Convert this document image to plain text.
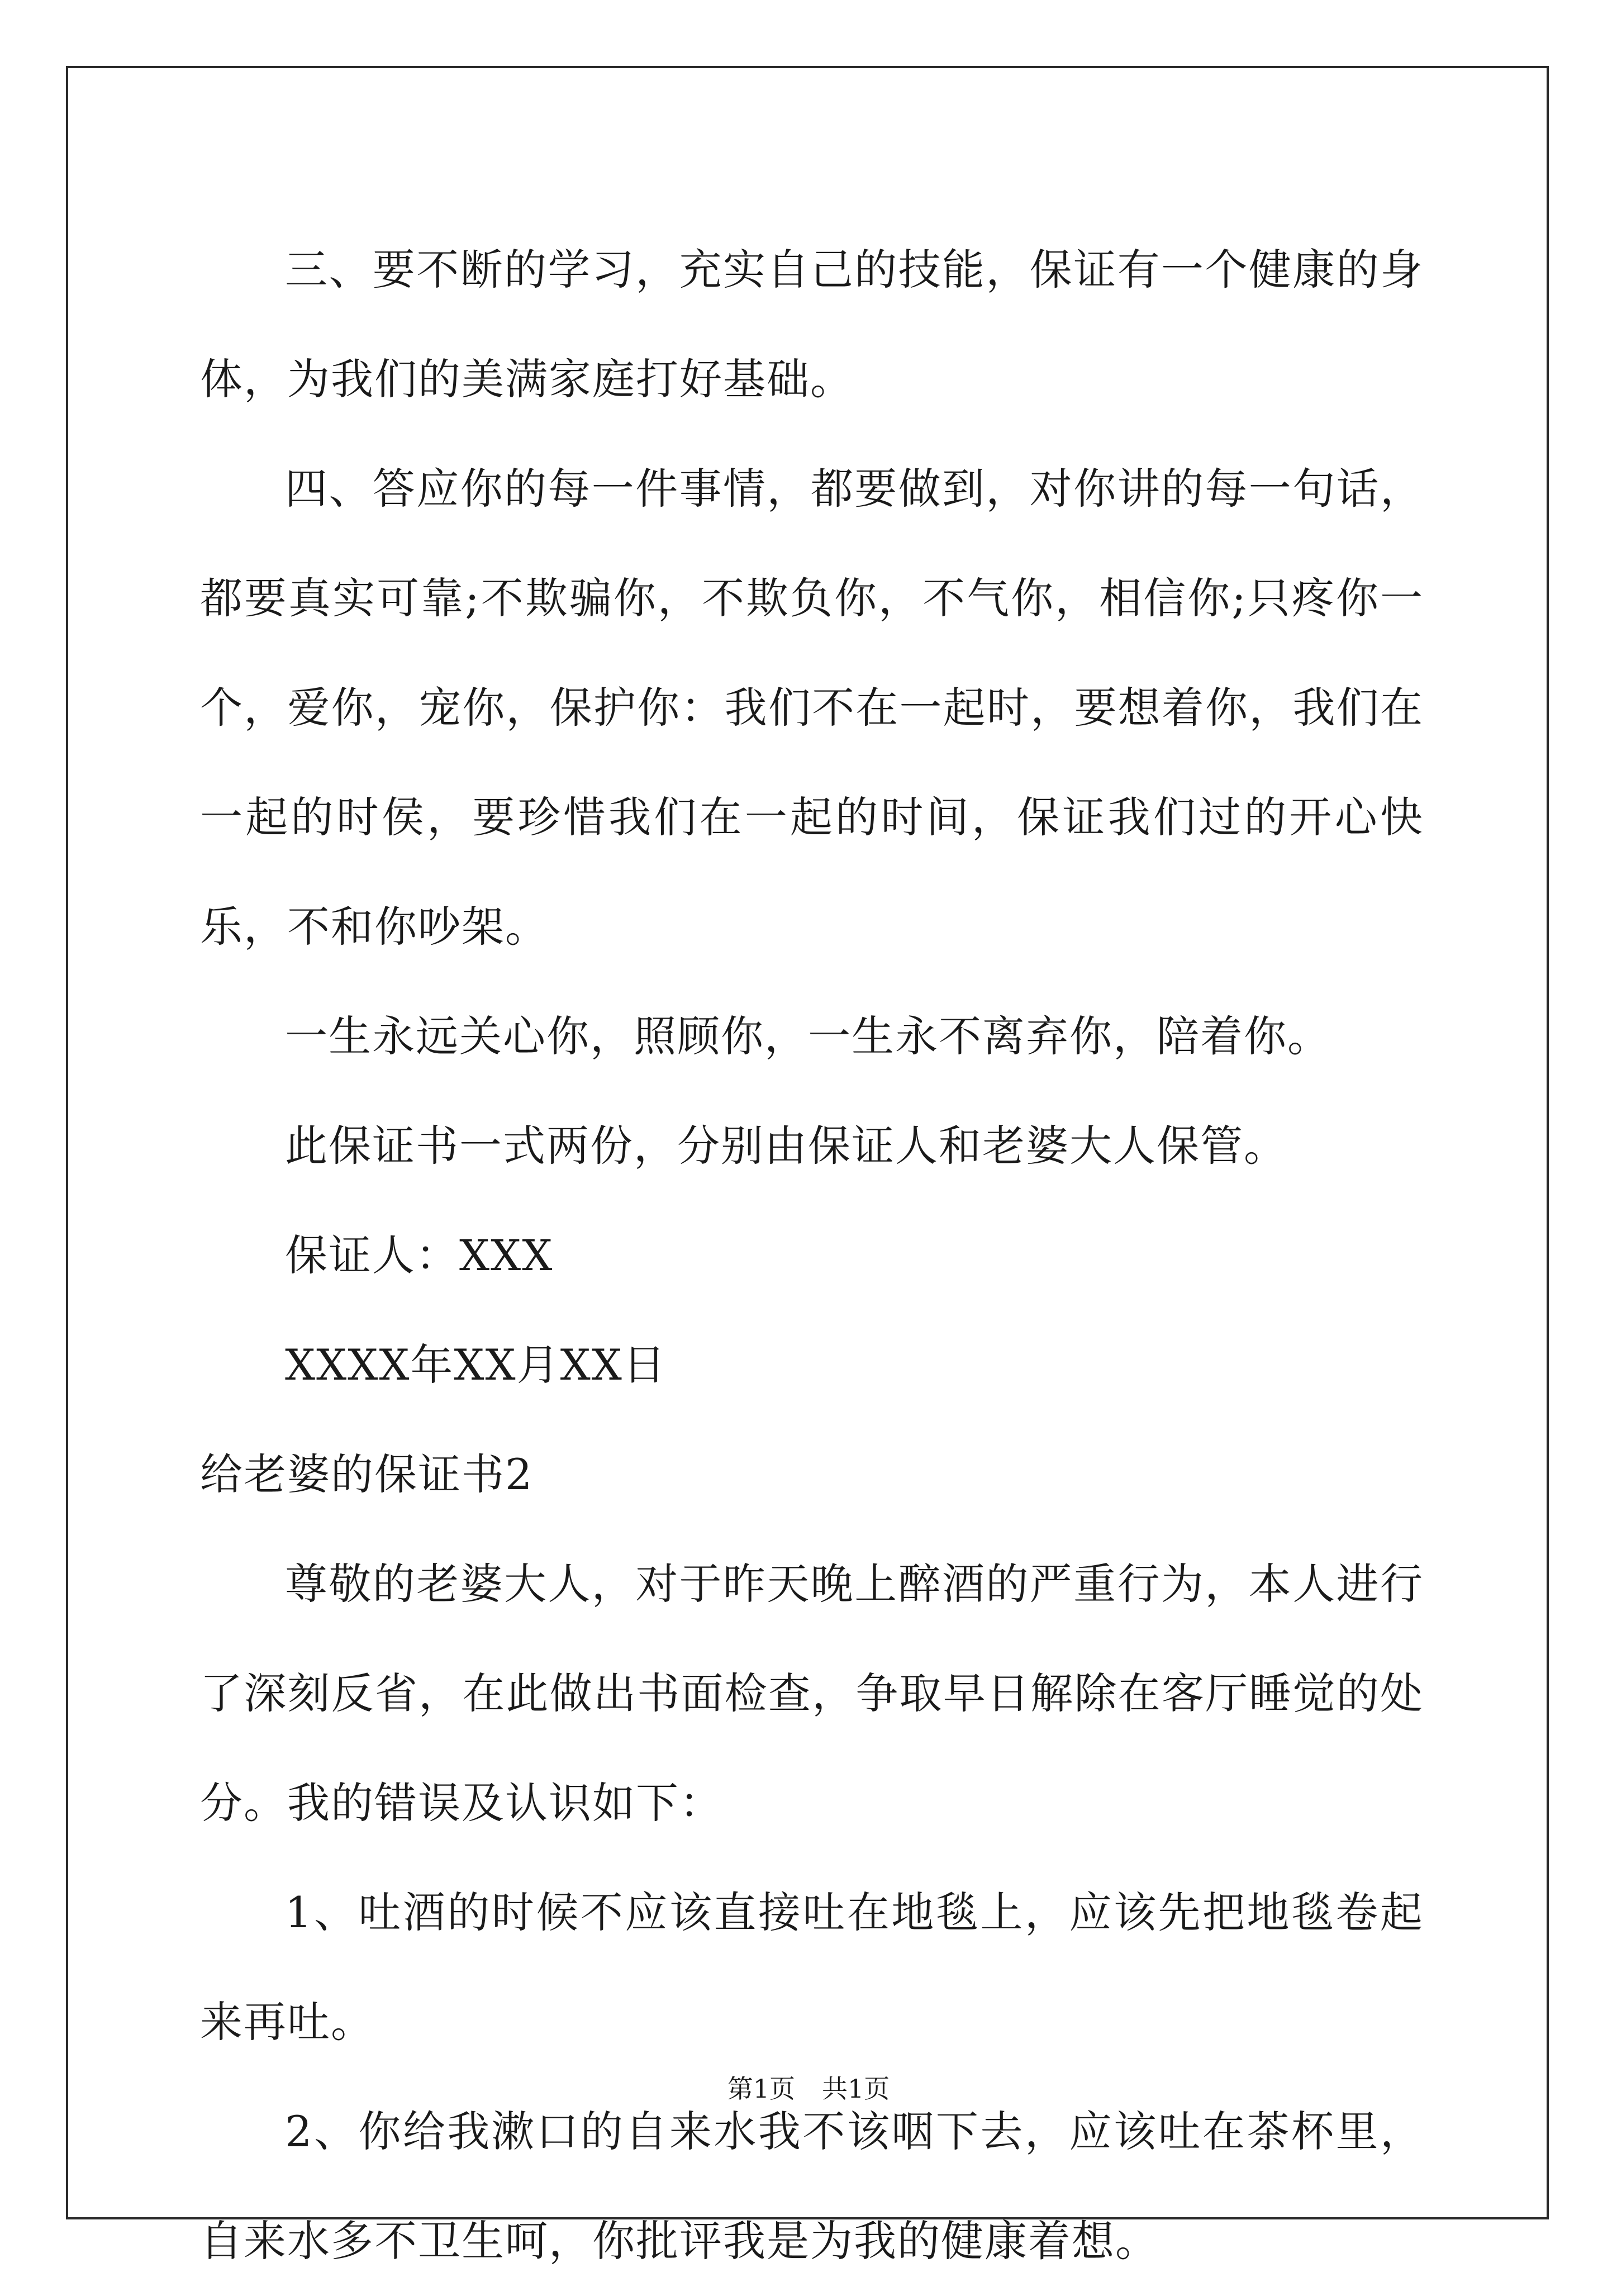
三、要不断的学习，充实自己的技能，保证有一个健康的身体，为我们的美满家庭打好基础。

四、答应你的每一件事情，都要做到，对你讲的每一句话，都要真实可靠;不欺骗你，不欺负你，不气你，相信你;只疼你一个，爱你，宠你，保护你：我们不在一起时，要想着你，我们在一起的时侯，要珍惜我们在一起的时间，保证我们过的开心快乐，不和你吵架。

一生永远关心你，照顾你，一生永不离弃你，陪着你。

此保证书一式两份，分别由保证人和老婆大人保管。

保证人：XXX

XXXX年XX月XX日

给老婆的保证书2

尊敬的老婆大人，对于昨天晚上醉酒的严重行为，本人进行了深刻反省，在此做出书面检查，争取早日解除在客厅睡觉的处分。我的错误及认识如下：

1、吐酒的时候不应该直接吐在地毯上，应该先把地毯卷起来再吐。

2、你给我漱口的自来水我不该咽下去，应该吐在茶杯里，自来水多不卫生呵，你批评我是为我的健康着想。

第1页 共1页
